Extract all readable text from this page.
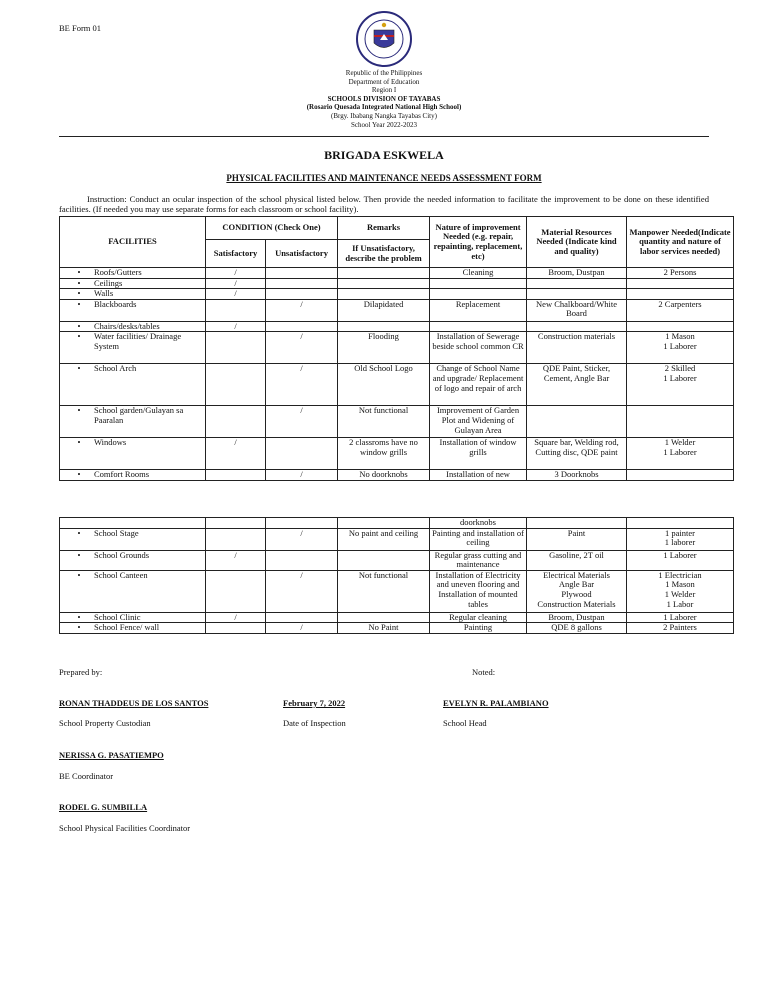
BE Form 01
Republic of the Philippines
Department of Education
Region I
SCHOOLS DIVISION OF TAYABAS
(Rosario Quesada Integrated National High School)
(Brgy. Ibabang Nangka Tayabas City)
School Year 2022-2023
BRIGADA ESKWELA
PHYSICAL FACILITIES AND MAINTENANCE NEEDS ASSESSMENT FORM
Instruction: Conduct an ocular inspection of the school physical listed below. Then provide the needed information to facilitate the improvement to be done on these identified facilities. (If needed you may use separate forms for each classroom or school facility).
FACILITIES	CONDITION (Check One)		Remarks	Nature of improvement Needed (e.g. repair, repainting, replacement, etc)	Material Resources Needed (Indicate kind and quality)	Manpower Needed(Indicate quantity and nature of labor services needed)
	Satisfactory	Unsatisfactory	If Unsatisfactory, describe the problem			
• Roofs/Gutters	/			Cleaning	Broom, Dustpan	2 Persons
• Ceilings	/					
• Walls	/					
• Blackboards		/	Dilapidated	Replacement	New Chalkboard/White Board	2 Carpenters
• Chairs/desks/tables	/					
• Water facilities/ Drainage System		/	Flooding	Installation of Sewerage beside school common CR	Construction materials	1 Mason
1 Laborer
• School Arch		/	Old School Logo	Change of School Name and upgrade/ Replacement of logo and repair of arch	QDE Paint, Sticker, Cement, Angle Bar	2 Skilled
1 Laborer
• School garden/Gulayan sa Paaralan		/	Not functional	Improvement of Garden Plot and Widening of Gulayan Area		
• Windows	/		2 classroms have no window grills	Installation of window grills	Square bar, Welding rod, Cutting disc, QDE paint	1 Welder
1 Laborer
• Comfort Rooms		/	No doorknobs	Installation of new	3 Doorknobs	
				doorknobs		
• School Stage		/	No paint and ceiling	Painting and installation of ceiling	Paint	1 painter
1 laborer
• School Grounds	/			Regular grass cutting and maintenance	Gasoline, 2T oil	1 Laborer
• School Canteen		/	Not functional	Installation of Electricity and uneven flooring and Installation of mounted tables	Electrical Materials
Angle Bar
Plywood
Construction Materials	1 Electrician
1 Mason
1 Welder
1 Labor
• School Clinic	/			Regular cleaning	Broom, Dustpan	1 Laborer
• School Fence/ wall		/	No Paint	Painting	QDE 8 gallons	2 Painters
Prepared by:	Noted:
RONAN THADDEUS DE LOS SANTOS
School Property Custodian
February 7, 2022
Date of Inspection
EVELYN R. PALAMBIANO
School Head
NERISSA G. PASATIEMPO
BE Coordinator
RODEL G. SUMBILLA
School Physical Facilities Coordinator
